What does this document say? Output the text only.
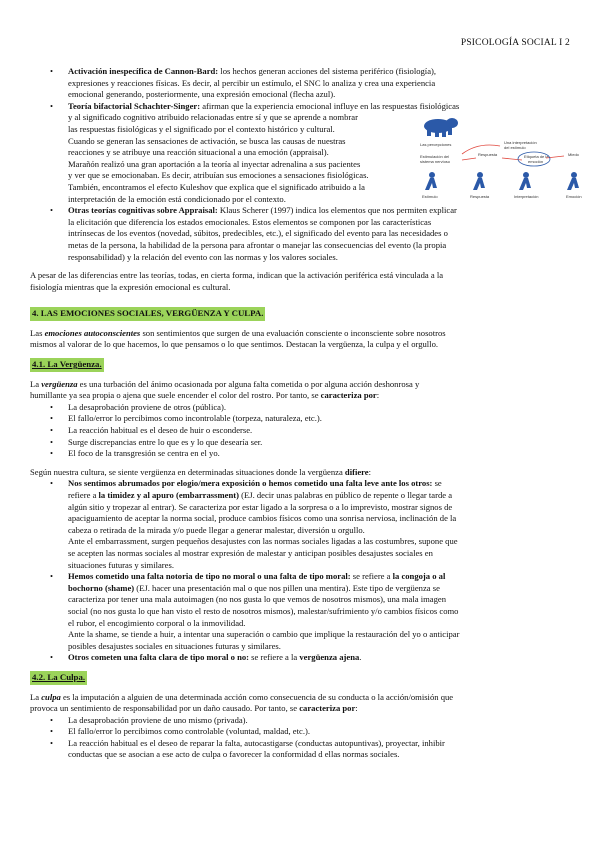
PSICOLOGÍA SOCIAL I 2
Las percepciones
Estimulación del
sistema nervioso
Una interpretación
del estímulo
Respuesta	Etiqueta de la
emoción
Miedo
Estímulo	Respuesta	Interpretación	Emoción
• Activación inespecífica de Cannon-Bard: los hechos generan acciones del sistema periférico (fisiología),
expresiones y reacciones físicas. Es decir, al percibir un estímulo, el SNC lo analiza y crea una experiencia
emocional generando, posteriormente, una expresión emocional (flecha azul).
• Teoría bifactorial Schachter-Singer: afirman que la experiencia emocional influye en las respuestas fisiológicas
y al significado cognitivo atribuido relacionadas entre sí y que se aprende a nombrar
las respuestas fisiológicas y el significado por el contexto histórico y cultural.
Cuando se generan las sensaciones de activación, se busca las causas de nuestras
reacciones y se atribuye una reacción situacional a una emoción (appraisal).
Marañón realizó una gran aportación a la teoría al inyectar adrenalina a sus pacientes
y ver que se emocionaban. Es decir, atribuían sus emociones a sensaciones fisiológicas.
También, encontramos el efecto Kuleshov que explica que el significado atribuido a la
interpretación de la emoción está condicionado por el contexto.
• Otras teorías cognitivas sobre Appraisal: Klaus Scherer (1997) indica los elementos que nos permiten explicar
la elicitación que diferencia los estados emocionales. Estos elementos se componen por las características
intrínsecas de los eventos (novedad, súbitos, predecibles, etc.), el significado del evento para las necesidades o
metas de la persona, la habilidad de la persona para afrontar o manejar las consecuencias del evento (la propia
responsabilidad) y la relación del evento con las normas y los valores sociales.

A pesar de las diferencias entre las teorías, todas, en cierta forma, indican que la activación periférica está vinculada a la
fisiología mientras que la expresión emocional es cultural.

4. LAS EMOCIONES SOCIALES, VERGÜENZA Y CULPA.

Las emociones autoconscientes son sentimientos que surgen de una evaluación consciente o inconsciente sobre nosotros
mismos al valorar de lo que hacemos, lo que pensamos o lo que sentimos. Destacan la vergüenza, la culpa y el orgullo.

4.1. La Vergüenza.

La vergüenza es una turbación del ánimo ocasionada por alguna falta cometida o por alguna acción deshonrosa y
humillante ya sea propia o ajena que suele encender el color del rostro. Por tanto, se caracteriza por:

• La desaprobación proviene de otros (pública).
• El fallo/error lo percibimos como incontrolable (torpeza, naturaleza, etc.).
• La reacción habitual es el deseo de huir o esconderse.
• Surge discrepancias entre lo que es y lo que desearía ser.
• El foco de la transgresión se centra en el yo.

Según nuestra cultura, se siente vergüenza en determinadas situaciones donde la vergüenza difiere:

• Nos sentimos abrumados por elogio/mera exposición o hemos cometido una falta leve ante los otros: se
refiere a la timidez y al apuro (embarrassment) (EJ. decir unas palabras en público de repente o llegar tarde a
algún sitio y tropezar al entrar). Se caracteriza por estar ligado a la sorpresa o a lo imprevisto, mostrar signos de
apaciguamiento de aceptar la norma social, produce cambios físicos como una sonrisa nerviosa, inclinación de la
cabeza o retirada de la mirada y/o puede llegar a generar malestar, diversión u orgullo.
Ante el embarrassment, surgen pequeños desajustes con las normas sociales ligadas a las costumbres, supone que
se acepten las normas sociales al mostrar expresión de malestar y anticipan posibles desajustes sociales en
situaciones futuras y similares.
• Hemos cometido una falta notoria de tipo no moral o una falta de tipo moral: se refiere a la congoja o al
bochorno (shame) (EJ. hacer una presentación mal o que nos pillen una mentira). Este tipo de vergüenza se
caracteriza por tener una mala autoimagen (no nos gusta lo que vemos de nosotros mismos), una mala imagen
social (no nos gusta lo que han visto el resto de nosotros mismos), malestar/sufrimiento y/o cambios físicos como
el rubor, el encogimiento corporal o la inmovilidad.
Ante la shame, se tiende a huir, a intentar una superación o cambio que implique la restauración del yo o anticipar
posibles desajustes sociales en situaciones futuras y similares.
• Otros cometen una falta clara de tipo moral o no: se refiere a la vergüenza ajena.
4.2. La Culpa.

La culpa es la imputación a alguien de una determinada acción como consecuencia de su conducta o la acción/omisión que
provoca un sentimiento de responsabilidad por un daño causado. Por tanto, se caracteriza por:

• La desaprobación proviene de uno mismo (privada).
• El fallo/error lo percibimos como controlable (voluntad, maldad, etc.).
• La reacción habitual es el deseo de reparar la falta, autocastigarse (conductas autopuntivas), proyectar, inhibir
conductas que se asocian a ese acto de culpa o favorecer la conformidad d ellas normas sociales.
